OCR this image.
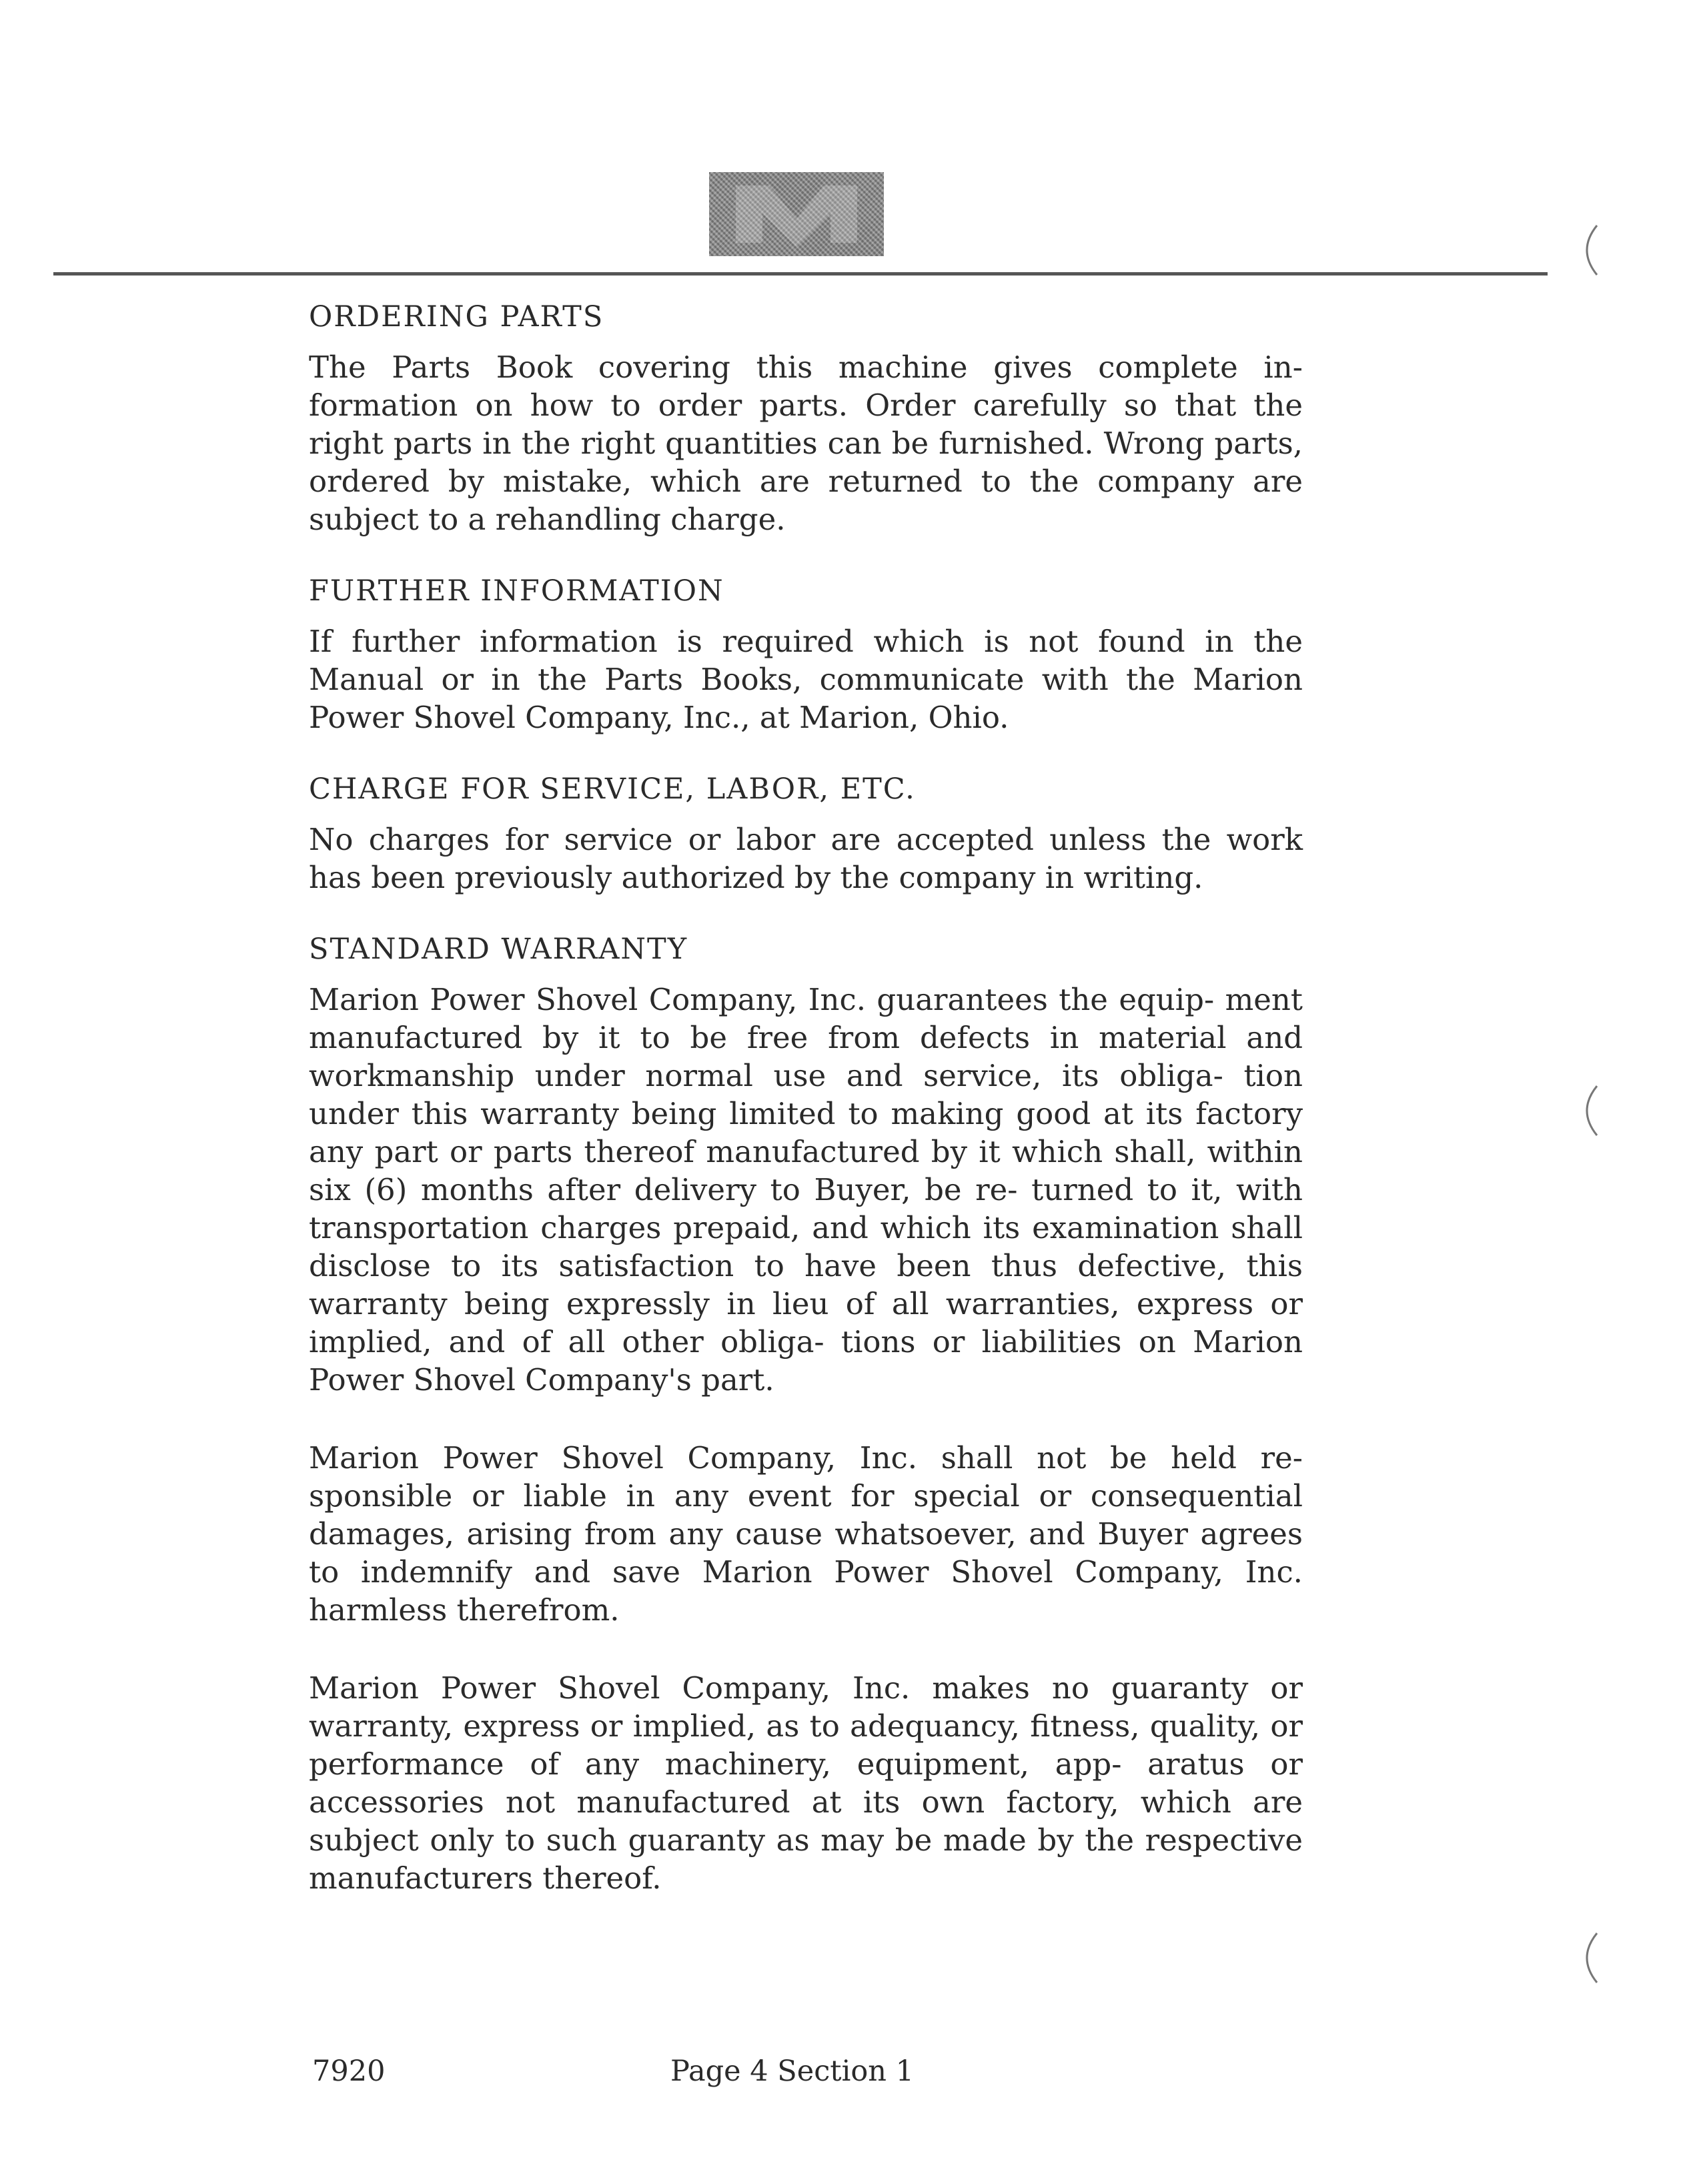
ORDERING PARTS

The Parts Book covering this machine gives complete in- formation on how to order parts. Order carefully so that the right parts in the right quantities can be furnished. Wrong parts, ordered by mistake, which are returned to the company are subject to a rehandling charge.

FURTHER INFORMATION

If further information is required which is not found in the Manual or in the Parts Books, communicate with the Marion Power Shovel Company, Inc., at Marion, Ohio.

CHARGE FOR SERVICE, LABOR, ETC.

No charges for service or labor are accepted unless the work has been previously authorized by the company in writing.

STANDARD WARRANTY

Marion Power Shovel Company, Inc. guarantees the equip- ment manufactured by it to be free from defects in material and workmanship under normal use and service, its obliga- tion under this warranty being limited to making good at its factory any part or parts thereof manufactured by it which shall, within six (6) months after delivery to Buyer, be re- turned to it, with transportation charges prepaid, and which its examination shall disclose to its satisfaction to have been thus defective, this warranty being expressly in lieu of all warranties, express or implied, and of all other obliga- tions or liabilities on Marion Power Shovel Company's part.

Marion Power Shovel Company, Inc. shall not be held re- sponsible or liable in any event for special or consequential damages, arising from any cause whatsoever, and Buyer agrees to indemnify and save Marion Power Shovel Company, Inc. harmless therefrom.

Marion Power Shovel Company, Inc. makes no guaranty or warranty, express or implied, as to adequancy, fitness, quality, or performance of any machinery, equipment, app- aratus or accessories not manufactured at its own factory, which are subject only to such guaranty as may be made by the respective manufacturers thereof.

7920	Page 4 Section 1
